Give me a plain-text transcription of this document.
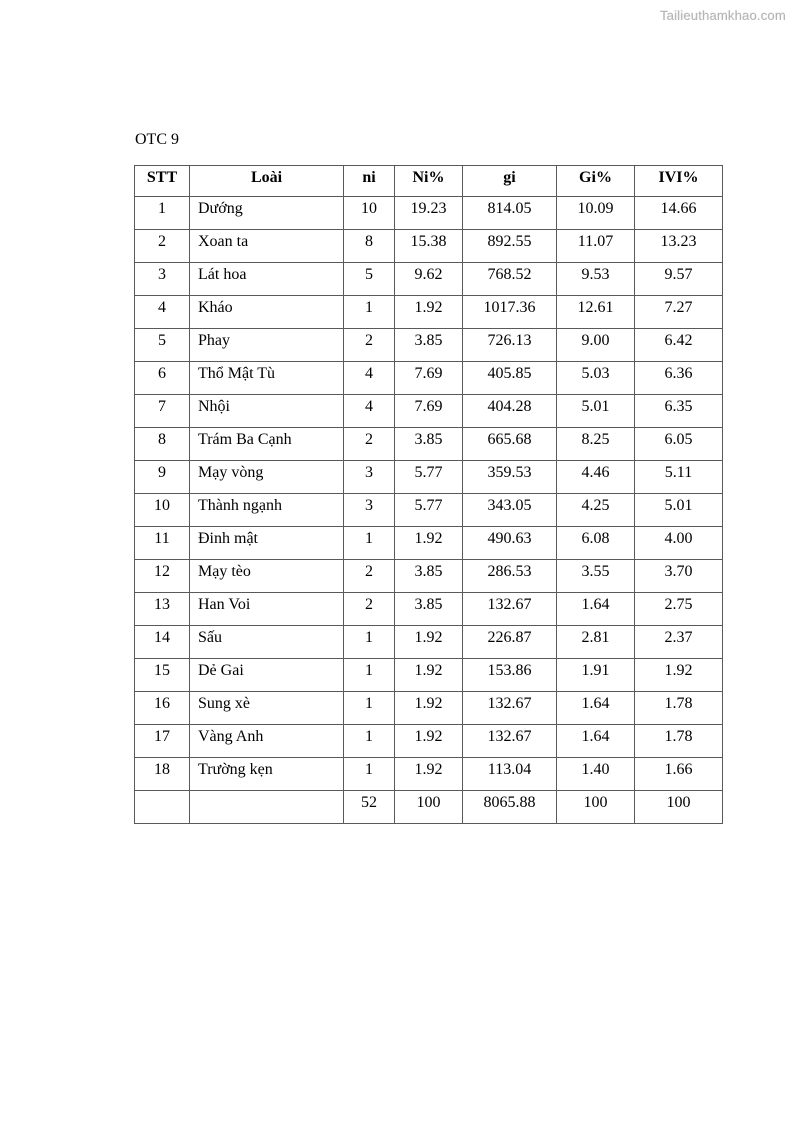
Tailieuthamkhao.com
OTC 9
STT	Loài	ni	Ni%	gi	Gi%	IVI%
1	Dướng	10	19.23	814.05	10.09	14.66
2	Xoan ta	8	15.38	892.55	11.07	13.23
3	Lát hoa	5	9.62	768.52	9.53	9.57
4	Kháo	1	1.92	1017.36	12.61	7.27
5	Phay	2	3.85	726.13	9.00	6.42
6	Thổ Mật Tù	4	7.69	405.85	5.03	6.36
7	Nhội	4	7.69	404.28	5.01	6.35
8	Trám Ba Cạnh	2	3.85	665.68	8.25	6.05
9	Mạy vòng	3	5.77	359.53	4.46	5.11
10	Thành ngạnh	3	5.77	343.05	4.25	5.01
11	Đinh mật	1	1.92	490.63	6.08	4.00
12	Mạy tèo	2	3.85	286.53	3.55	3.70
13	Han Voi	2	3.85	132.67	1.64	2.75
14	Sấu	1	1.92	226.87	2.81	2.37
15	Dẻ Gai	1	1.92	153.86	1.91	1.92
16	Sung xè	1	1.92	132.67	1.64	1.78
17	Vàng Anh	1	1.92	132.67	1.64	1.78
18	Trường kẹn	1	1.92	113.04	1.40	1.66
		52	100	8065.88	100	100
